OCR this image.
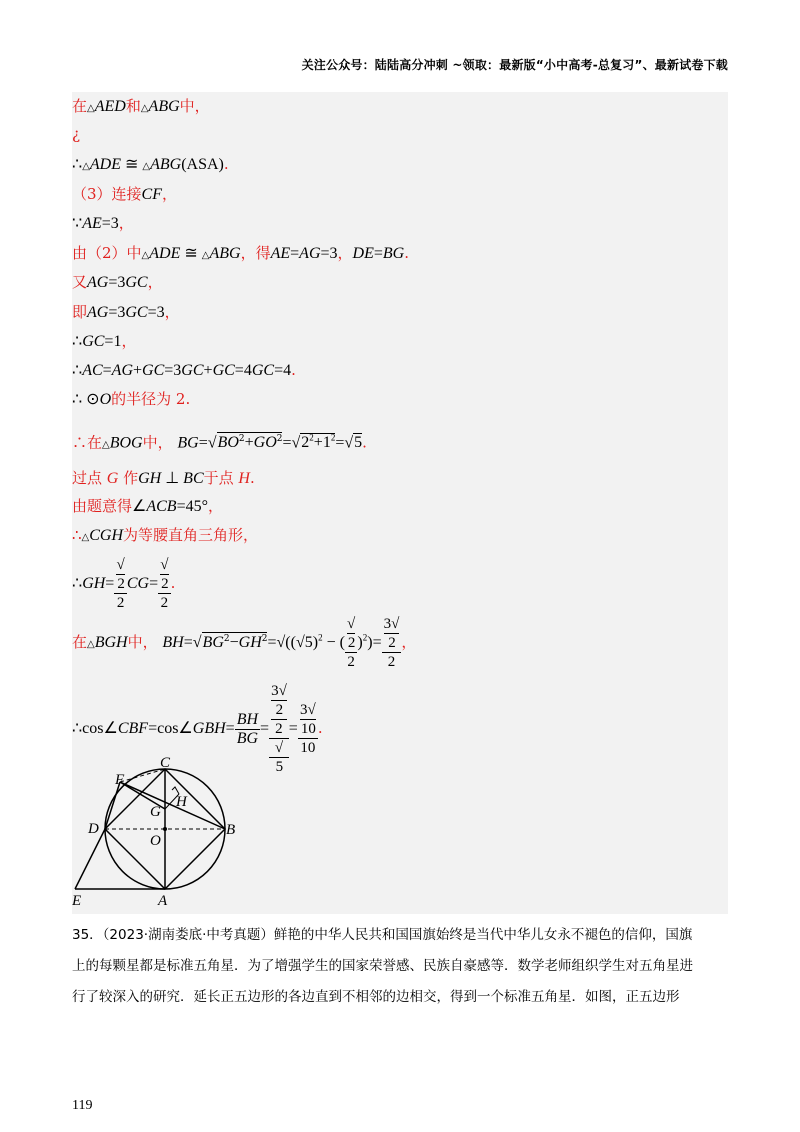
关注公众号：陆陆高分冲刺 ~领取：最新版“小中高考-总复习”、最新试卷下载
在△AED和△ABG中，
¿
∴△ADE ≅ △ABG(ASA).
（3）连接CF，
∵AE=3，
由（2）中△ADE ≅ △ABG，得AE=AG=3，DE=BG.
又AG=3GC，
即AG=3GC=3，
∴GC=1，
∴AC=AG+GC=3GC+GC=4GC=4.
∴ ⊙O的半径为 2.
∴在△BOG中， $BG=√BO^2+GO^2=√2^2+1^2=√5$.
过点 G 作GH ⊥ BC于点 H.
由题意得∠ACB=45°，
∴△CGH为等腰直角三角形，
∴GH= √
2
2 CG= √
2
2 .
在△BGH中， $BH=√BG^2-GH^2=√((√5)^2$ − ( √
2
2 )$^2$)= 3√
2
2 ，
∴cos∠CBF=cos∠GBH= $\frac{BH}{BG} = 3√$
2
2
√
5 = 3√
10
10 .
C
F
H
G
D
O
B
E	A
35．（2023·湖南娄底·中考真题）鲜艳的中华人民共和国国旗始终是当代中华儿女永不褪色的信仰，国旗
上的每颗星都是标准五角星．为了增强学生的国家荣誉感、民族自豪感等．数学老师组织学生对五角星进
行了较深入的研究．延长正五边形的各边直到不相邻的边相交，得到一个标准五角星．如图，正五边形
119
